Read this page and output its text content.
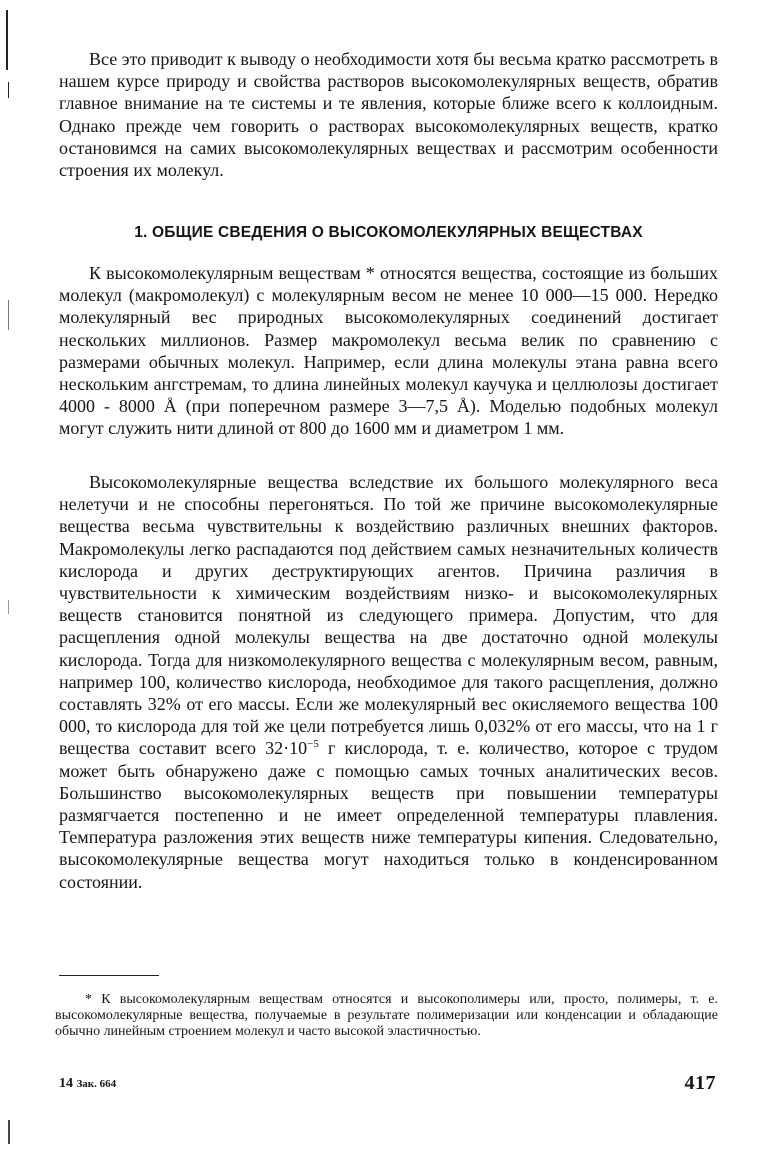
Все это приводит к выводу о необходимости хотя бы весьма кратко рассмотреть в нашем курсе природу и свойства растворов высокомолекулярных веществ, обратив главное внимание на те системы и те явления, которые ближе всего к коллоидным. Однако прежде чем говорить о растворах высокомолекулярных веществ, кратко остановимся на самих высокомолекулярных веществах и рассмотрим особенности строения их молекул.

1. ОБЩИЕ СВЕДЕНИЯ О ВЫСОКОМОЛЕКУЛЯРНЫХ ВЕЩЕСТВАХ

К высокомолекулярным веществам * относятся вещества, состоящие из больших молекул (макромолекул) с молекулярным весом не менее 10 000—15 000. Нередко молекулярный вес природных высокомолекулярных соединений достигает нескольких миллионов. Размер макромолекул весьма велик по сравнению с размерами обычных молекул. Например, если длина молекулы этана равна всего нескольким ангстремам, то длина линейных молекул каучука и целлюлозы достигает 4000 - 8000 Å (при поперечном размере 3—7,5 Å). Моделью подобных молекул могут служить нити длиной от 800 до 1600 мм и диаметром 1 мм.

Высокомолекулярные вещества вследствие их большого молекулярного веса нелетучи и не способны перегоняться. По той же причине высокомолекулярные вещества весьма чувствительны к воздействию различных внешних факторов. Макромолекулы легко распадаются под действием самых незначительных количеств кислорода и других деструктирующих агентов. Причина различия в чувствительности к химическим воздействиям низко- и высокомолекулярных веществ становится понятной из следующего примера. Допустим, что для расщепления одной молекулы вещества на две достаточно одной молекулы кислорода. Тогда для низкомолекулярного вещества с молекулярным весом, равным, например 100, количество кислорода, необходимое для такого расщепления, должно составлять 32% от его массы. Если же молекулярный вес окисляемого вещества 100 000, то кислорода для той же цели потребуется лишь 0,032% от его массы, что на 1 г вещества составит всего $32\cdot 10^{-5}$ г кислорода, т. е. количество, которое с трудом может быть обнаружено даже с помощью самых точных аналитических весов. Большинство высокомолекулярных веществ при повышении температуры размягчается постепенно и не имеет определенной температуры плавления. Температура разложения этих веществ ниже температуры кипения. Следовательно, высокомолекулярные вещества могут находиться только в конденсированном состоянии.

* К высокомолекулярным веществам относятся и высокополимеры или, просто, полимеры, т. е. высокомолекулярные вещества, получаемые в результате полимеризации или конденсации и обладающие обычно линейным строением молекул и часто высокой эластичностью.

14 Зак. 664	417
